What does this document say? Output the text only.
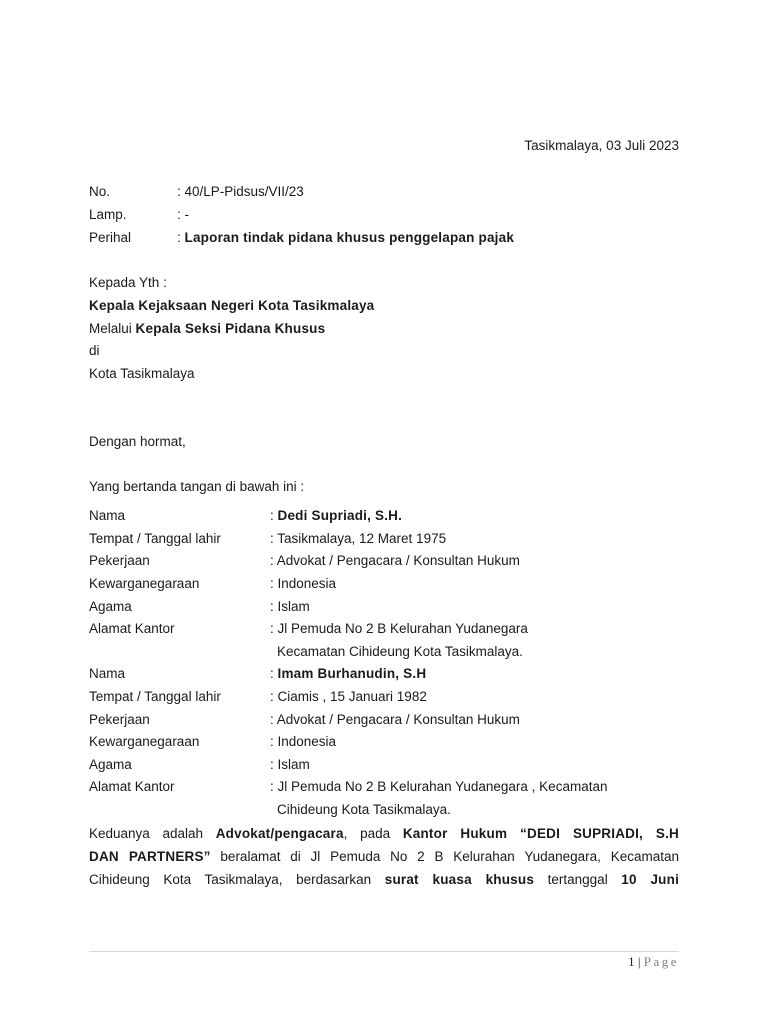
Tasikmalaya, 03 Juli 2023
No.	: 40/LP-Pidsus/VII/23
Lamp.	: -
Perihal	: Laporan tindak pidana khusus penggelapan pajak
Kepada Yth :
Kepala Kejaksaan Negeri Kota Tasikmalaya
Melalui Kepala Seksi Pidana Khusus
di
Kota Tasikmalaya
Dengan hormat,
Yang bertanda tangan di bawah ini :
Nama	: Dedi Supriadi, S.H.
Tempat / Tanggal lahir	: Tasikmalaya, 12 Maret 1975
Pekerjaan	: Advokat / Pengacara / Konsultan Hukum
Kewarganegaraan	: Indonesia
Agama	: Islam
Alamat Kantor	: Jl Pemuda No 2 B Kelurahan Yudanegara
Kecamatan Cihideung Kota Tasikmalaya.
Nama	: Imam Burhanudin, S.H
Tempat / Tanggal lahir	: Ciamis , 15 Januari 1982
Pekerjaan	: Advokat / Pengacara / Konsultan Hukum
Kewarganegaraan	: Indonesia
Agama	: Islam
Alamat Kantor	: Jl Pemuda No 2 B Kelurahan Yudanegara , Kecamatan
Cihideung Kota Tasikmalaya.
Keduanya adalah Advokat/pengacara, pada Kantor Hukum “DEDI SUPRIADI, S.H
DAN PARTNERS” beralamat di Jl Pemuda No 2 B Kelurahan Yudanegara, Kecamatan
Cihideung Kota Tasikmalaya, berdasarkan surat kuasa khusus tertanggal 10 Juni
1 | Page
